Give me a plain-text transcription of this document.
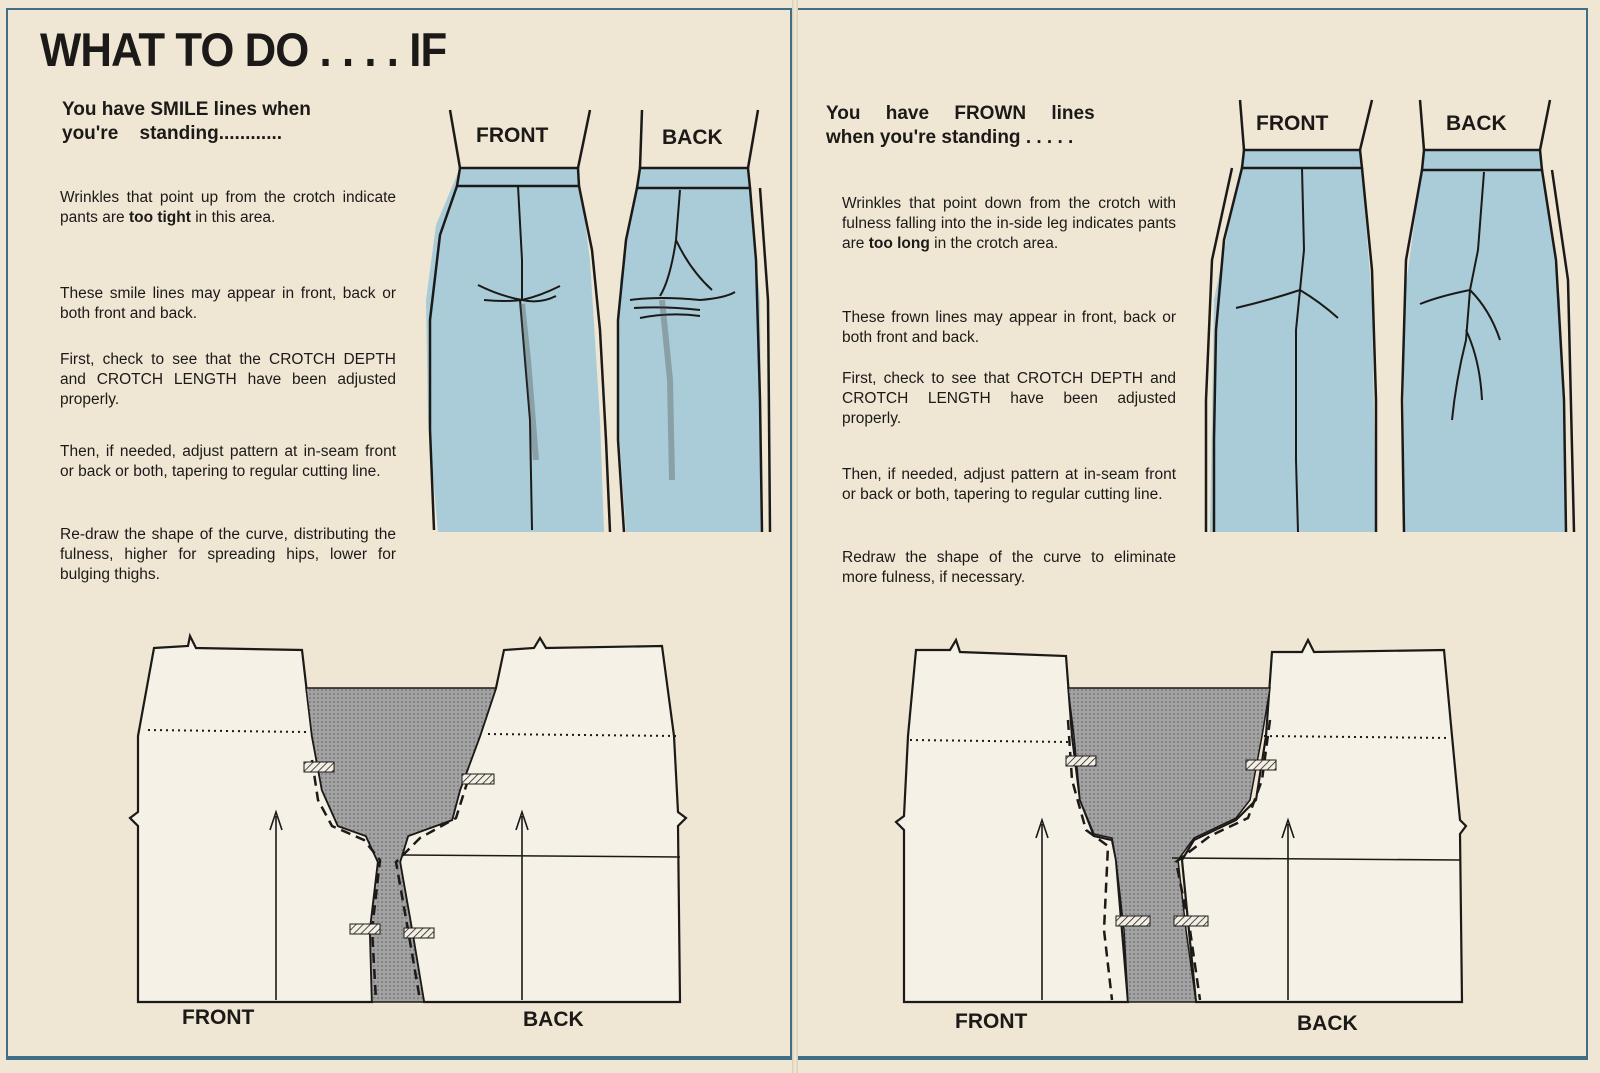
WHAT TO DO . . . . IF
You have SMILE lines when
you're standing............

Wrinkles that point up from the crotch indicate pants are too tight in this area.

These smile lines may appear in front, back or both front and back.

First, check to see that the CROTCH DEPTH and CROTCH LENGTH have been adjusted properly.

Then, if needed, adjust pattern at in-seam front or back or both, tapering to regular cutting line.

Re-draw the shape of the curve, distributing the fulness, higher for spreading hips, lower for bulging thighs.

FRONT	BACK
FRONT	BACK
You have FROWN lines
when you're standing . . . . .

Wrinkles that point down from the crotch with fulness falling into the in-side leg indicates pants are too long in the crotch area.

These frown lines may appear in front, back or both front and back.

First, check to see that CROTCH DEPTH and CROTCH LENGTH have been adjusted properly.

Then, if needed, adjust pattern at in-seam front or back or both, tapering to regular cutting line.

Redraw the shape of the curve to eliminate more fulness, if necessary.

FRONT	BACK
FRONT	BACK
